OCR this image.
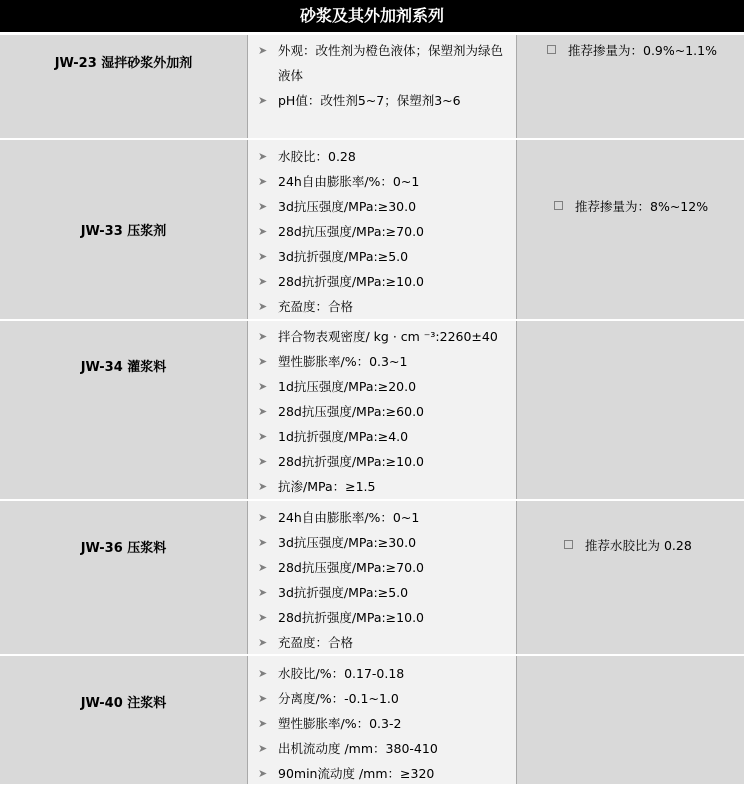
砂浆及其外加剂系列
JW-23 湿拌砂浆外加剂
➤ 外观：改性剂为橙色液体；保塑剂为绿色液体
➤ pH值：改性剂5~7；保塑剂3~6
推荐掺量为：0.9%~1.1%
JW-33 压浆剂
➤ 水胶比：0.28
➤ 24h自由膨胀率/%：0~1
➤ 3d抗压强度/MPa:≥30.0
➤ 28d抗压强度/MPa:≥70.0
➤ 3d抗折强度/MPa:≥5.0
➤ 28d抗折强度/MPa:≥10.0
➤ 充盈度：合格
推荐掺量为：8%~12%
JW-34 灌浆料
➤ 拌合物表观密度/ kg · cm ⁻³:2260±40
➤ 塑性膨胀率/%：0.3~1
➤ 1d抗压强度/MPa:≥20.0
➤ 28d抗压强度/MPa:≥60.0
➤ 1d抗折强度/MPa:≥4.0
➤ 28d抗折强度/MPa:≥10.0
➤ 抗渗/MPa：≥1.5
JW-36 压浆料
➤ 24h自由膨胀率/%：0~1
➤ 3d抗压强度/MPa:≥30.0
➤ 28d抗压强度/MPa:≥70.0
➤ 3d抗折强度/MPa:≥5.0
➤ 28d抗折强度/MPa:≥10.0
➤ 充盈度：合格
推荐水胶比为 0.28
JW-40 注浆料
➤ 水胶比/%：0.17-0.18
➤ 分离度/%：-0.1~1.0
➤ 塑性膨胀率/%：0.3-2
➤ 出机流动度 /mm：380-410
➤ 90min流动度 /mm：≥320
